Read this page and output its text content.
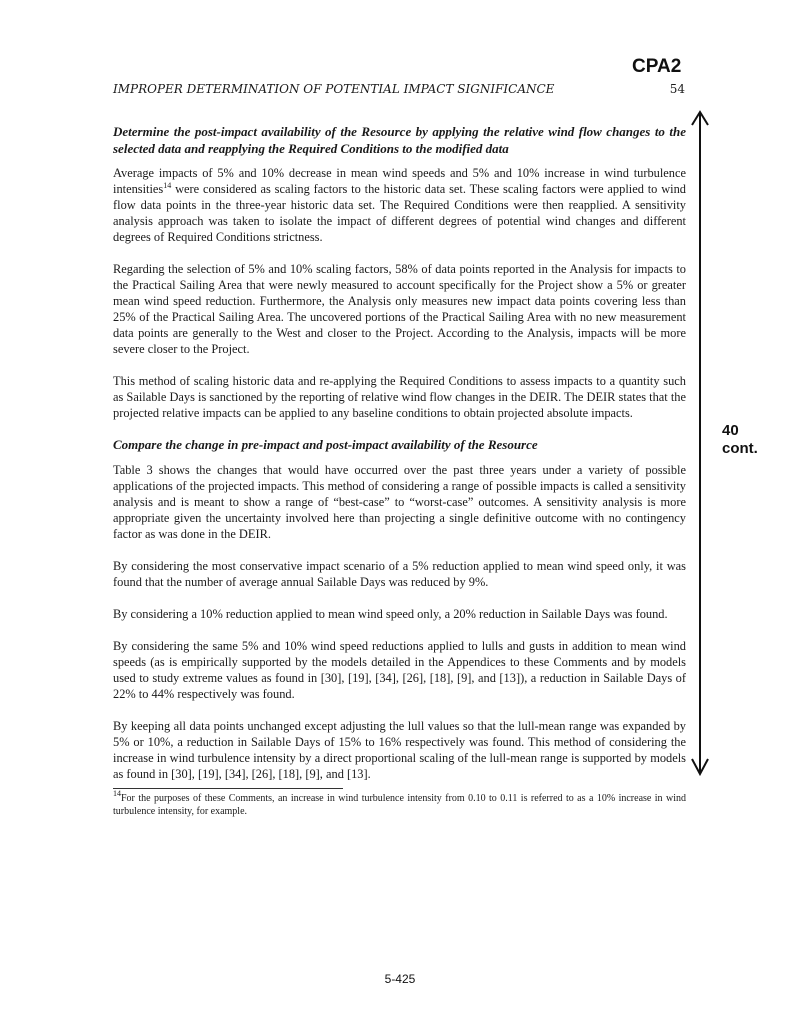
CPA2
IMPROPER DETERMINATION OF POTENTIAL IMPACT SIGNIFICANCE	54
Determine the post-impact availability of the Resource by applying the relative wind flow changes to the selected data and reapplying the Required Conditions to the modified data

Average impacts of 5% and 10% decrease in mean wind speeds and 5% and 10% increase in wind turbulence intensities$^{14}$ were considered as scaling factors to the historic data set. These scaling factors were applied to wind flow data points in the three-year historic data set. The Required Conditions were then reapplied. A sensitivity analysis approach was taken to isolate the impact of different degrees of potential wind changes and different degrees of Required Conditions strictness.

Regarding the selection of 5% and 10% scaling factors, 58% of data points reported in the Analysis for impacts to the Practical Sailing Area that were newly measured to account specifically for the Project show a 5% or greater mean wind speed reduction. Furthermore, the Analysis only measures new impact data points covering less than 25% of the Practical Sailing Area. The uncovered portions of the Practical Sailing Area with no new measurement data points are generally to the West and closer to the Project. According to the Analysis, impacts will be more severe closer to the Project.

This method of scaling historic data and re-applying the Required Conditions to assess impacts to a quantity such as Sailable Days is sanctioned by the reporting of relative wind flow changes in the DEIR. The DEIR states that the projected relative impacts can be applied to any baseline conditions to obtain projected absolute impacts.

Compare the change in pre-impact and post-impact availability of the Resource

Table 3 shows the changes that would have occurred over the past three years under a variety of possible applications of the projected impacts. This method of considering a range of possible impacts is called a sensitivity analysis and is meant to show a range of “best-case” to “worst-case” outcomes. A sensitivity analysis is more appropriate given the uncertainty involved here than projecting a single definitive outcome with no contingency factor as was done in the DEIR.

By considering the most conservative impact scenario of a 5% reduction applied to mean wind speed only, it was found that the number of average annual Sailable Days was reduced by 9%.

By considering a 10% reduction applied to mean wind speed only, a 20% reduction in Sailable Days was found.

By considering the same 5% and 10% wind speed reductions applied to lulls and gusts in addition to mean wind speeds (as is empirically supported by the models detailed in the Appendices to these Comments and by models used to study extreme values as found in [30], [19], [34], [26], [18], [9], and [13]), a reduction in Sailable Days of 22% to 44% respectively was found.

By keeping all data points unchanged except adjusting the lull values so that the lull-mean range was expanded by 5% or 10%, a reduction in Sailable Days of 15% to 16% respectively was found. This method of considering the increase in wind turbulence intensity by a direct proportional scaling of the lull-mean range is supported by models as found in [30], [19], [34], [26], [18], [9], and [13].

$^{14}$For the purposes of these Comments, an increase in wind turbulence intensity from 0.10 to 0.11 is referred to as a 10% increase in wind turbulence intensity, for example.
40
cont.
5-425
